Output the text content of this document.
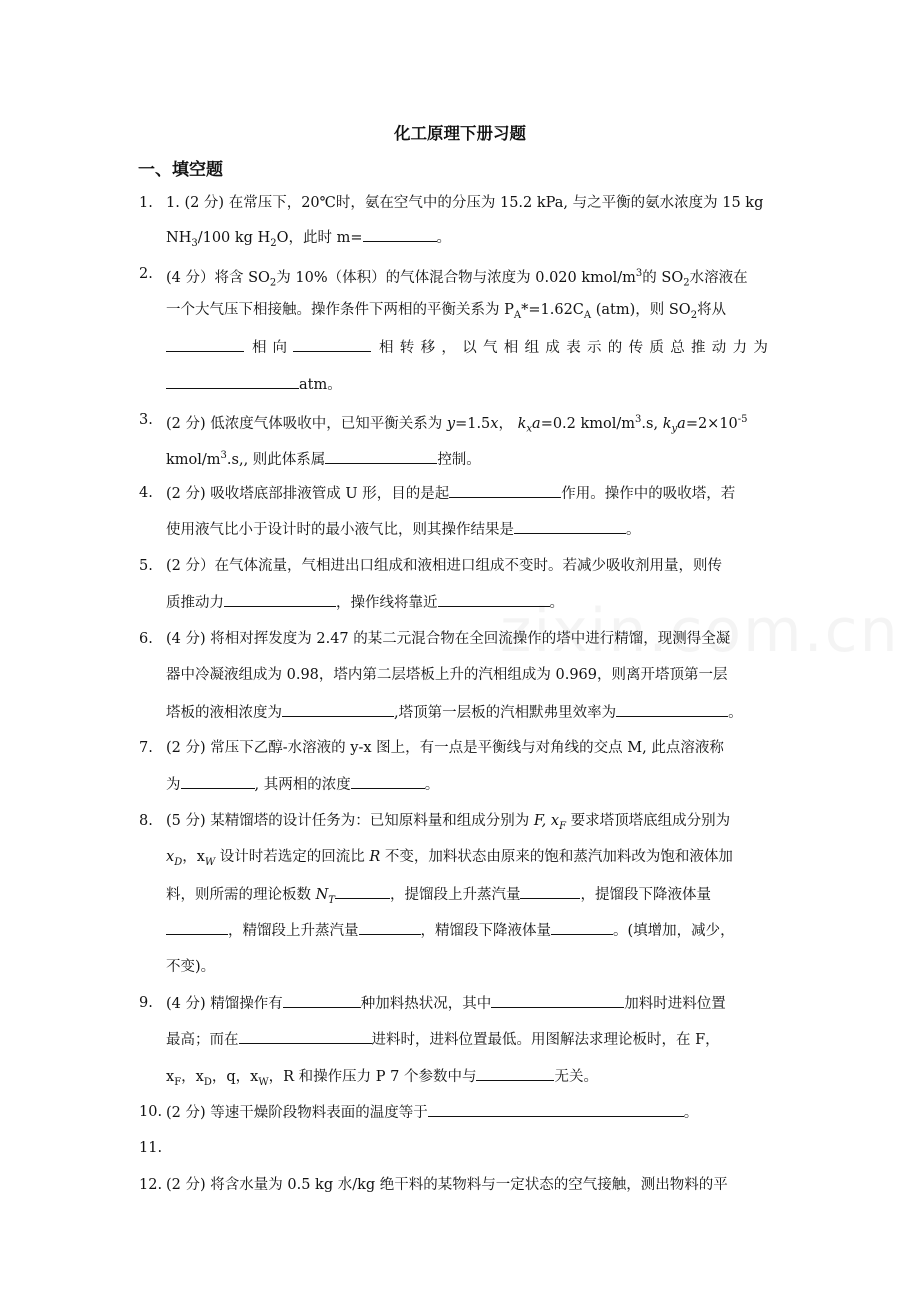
化工原理下册习题
一、填空题
1. 1. (2 分) 在常压下，20℃时，氨在空气中的分压为 15.2 kPa, 与之平衡的氨水浓度为 15 kg
$NH_3/100$ kg $H_2O$，此时 m=	。
2. (4 分）将含 $SO_2$为 10%（体积）的气体混合物与浓度为 0.020 kmol/$m^3$的 $SO_2$水溶液在
一个大气压下相接触。操作条件下两相的平衡关系为 $P_A*=1.62C_A$ (atm)，则 $SO_2$将从
相向	相转移，以气相组成表示的传质总推动力为
atm。
3. (2 分) 低浓度气体吸收中，已知平衡关系为 y=1.5x， $k_xa=0.2$ kmol/$m^3.s$, $k_ya=2\times 10^{-5}$
kmol/$m^3.s$,, 则此体系属	控制。
4. (2 分) 吸收塔底部排液管成 U 形，目的是起	作用。操作中的吸收塔，若
使用液气比小于设计时的最小液气比，则其操作结果是	。
5. (2 分）在气体流量，气相进出口组成和液相进口组成不变时。若减少吸收剂用量，则传
质推动力	，操作线将靠近	。
6. (4 分) 将相对挥发度为 2.47 的某二元混合物在全回流操作的塔中进行精馏，现测得全凝
器中冷凝液组成为 0.98，塔内第二层塔板上升的汽相组成为 0.969，则离开塔顶第一层
塔板的液相浓度为	,塔顶第一层板的汽相默弗里效率为	。
7. (2 分) 常压下乙醇-水溶液的 y-x 图上，有一点是平衡线与对角线的交点 M, 此点溶液称
为	, 其两相的浓度	。
8. (5 分) 某精馏塔的设计任务为：已知原料量和组成分别为 F, $x_F$ 要求塔顶塔底组成分别为
$x_D$，$x_W$ 设计时若选定的回流比 R 不变，加料状态由原来的饱和蒸汽加料改为饱和液体加
料，则所需的理论板数 $N_T$	，提馏段上升蒸汽量	，提馏段下降液体量
，精馏段上升蒸汽量	，精馏段下降液体量	。(填增加，减少，
不变)。
9. (4 分) 精馏操作有	种加料热状况，其中	加料时进料位置
最高；而在	进料时，进料位置最低。用图解法求理论板时，在 F，
$x_F$，$x_D$，q，$x_W$，R 和操作压力 P 7 个参数中与	无关。
10. (2 分) 等速干燥阶段物料表面的温度等于	。
11.
12. (2 分) 将含水量为 0.5 kg 水/kg 绝干料的某物料与一定状态的空气接触，测出物料的平
